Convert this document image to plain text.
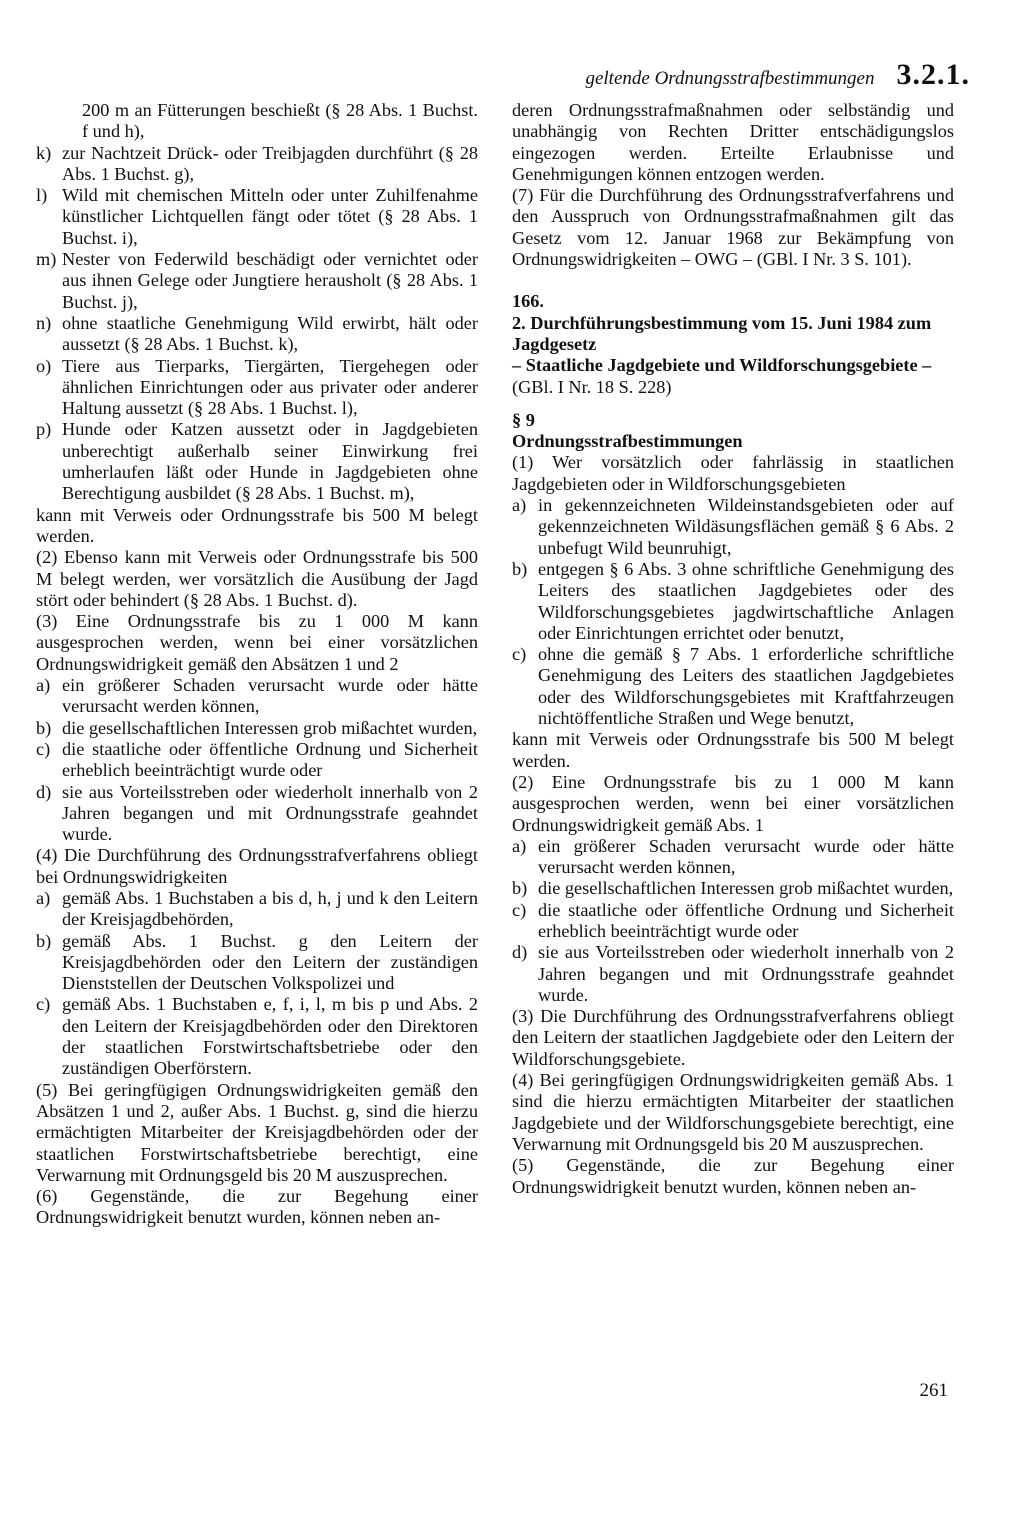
geltende Ordnungsstrafbestimmungen 3.2.1.

200 m an Fütterungen beschießt (§ 28 Abs. 1 Buchst. f und h),

k) zur Nachtzeit Drück- oder Treibjagden durchführt (§ 28 Abs. 1 Buchst. g),
l) Wild mit chemischen Mitteln oder unter Zuhilfenahme künstlicher Lichtquellen fängt oder tötet (§ 28 Abs. 1 Buchst. i),
m) Nester von Federwild beschädigt oder vernichtet oder aus ihnen Gelege oder Jungtiere herausholt (§ 28 Abs. 1 Buchst. j),
n) ohne staatliche Genehmigung Wild erwirbt, hält oder aussetzt (§ 28 Abs. 1 Buchst. k),
o) Tiere aus Tierparks, Tiergärten, Tiergehegen oder ähnlichen Einrichtungen oder aus privater oder anderer Haltung aussetzt (§ 28 Abs. 1 Buchst. l),
p) Hunde oder Katzen aussetzt oder in Jagdgebieten unberechtigt außerhalb seiner Einwirkung frei umherlaufen läßt oder Hunde in Jagdgebieten ohne Berechtigung ausbildet (§ 28 Abs. 1 Buchst. m),

kann mit Verweis oder Ordnungsstrafe bis 500 M belegt werden.

(2) Ebenso kann mit Verweis oder Ordnungsstrafe bis 500 M belegt werden, wer vorsätzlich die Ausübung der Jagd stört oder behindert (§ 28 Abs. 1 Buchst. d).

(3) Eine Ordnungsstrafe bis zu 1 000 M kann ausgesprochen werden, wenn bei einer vorsätzlichen Ordnungswidrigkeit gemäß den Absätzen 1 und 2

a) ein größerer Schaden verursacht wurde oder hätte verursacht werden können,
b) die gesellschaftlichen Interessen grob mißachtet wurden,
c) die staatliche oder öffentliche Ordnung und Sicherheit erheblich beeinträchtigt wurde oder
d) sie aus Vorteilsstreben oder wiederholt innerhalb von 2 Jahren begangen und mit Ordnungsstrafe geahndet wurde.

(4) Die Durchführung des Ordnungsstrafverfahrens obliegt bei Ordnungswidrigkeiten

a) gemäß Abs. 1 Buchstaben a bis d, h, j und k den Leitern der Kreisjagdbehörden,
b) gemäß Abs. 1 Buchst. g den Leitern der Kreisjagdbehörden oder den Leitern der zuständigen Dienststellen der Deutschen Volkspolizei und
c) gemäß Abs. 1 Buchstaben e, f, i, l, m bis p und Abs. 2 den Leitern der Kreisjagdbehörden oder den Direktoren der staatlichen Forstwirtschaftsbetriebe oder den zuständigen Oberförstern.

(5) Bei geringfügigen Ordnungswidrigkeiten gemäß den Absätzen 1 und 2, außer Abs. 1 Buchst. g, sind die hierzu ermächtigten Mitarbeiter der Kreisjagdbehörden oder der staatlichen Forstwirtschaftsbetriebe berechtigt, eine Verwarnung mit Ordnungsgeld bis 20 M auszusprechen.

(6) Gegenstände, die zur Begehung einer Ordnungswidrigkeit benutzt wurden, können neben an-

deren Ordnungsstrafmaßnahmen oder selbständig und unabhängig von Rechten Dritter entschädigungslos eingezogen werden. Erteilte Erlaubnisse und Genehmigungen können entzogen werden.

(7) Für die Durchführung des Ordnungsstrafverfahrens und den Ausspruch von Ordnungsstrafmaßnahmen gilt das Gesetz vom 12. Januar 1968 zur Bekämpfung von Ordnungswidrigkeiten – OWG – (GBl. I Nr. 3 S. 101).

166.

2. Durchführungsbestimmung vom 15. Juni 1984 zum Jagdgesetz

– Staatliche Jagdgebiete und Wildforschungsgebiete –

(GBl. I Nr. 18 S. 228)

§ 9

Ordnungsstrafbestimmungen

(1) Wer vorsätzlich oder fahrlässig in staatlichen Jagdgebieten oder in Wildforschungsgebieten

a) in gekennzeichneten Wildeinstandsgebieten oder auf gekennzeichneten Wildäsungsflächen gemäß § 6 Abs. 2 unbefugt Wild beunruhigt,
b) entgegen § 6 Abs. 3 ohne schriftliche Genehmigung des Leiters des staatlichen Jagdgebietes oder des Wildforschungsgebietes jagdwirtschaftliche Anlagen oder Einrichtungen errichtet oder benutzt,
c) ohne die gemäß § 7 Abs. 1 erforderliche schriftliche Genehmigung des Leiters des staatlichen Jagdgebietes oder des Wildforschungsgebietes mit Kraftfahrzeugen nichtöffentliche Straßen und Wege benutzt,

kann mit Verweis oder Ordnungsstrafe bis 500 M belegt werden.

(2) Eine Ordnungsstrafe bis zu 1 000 M kann ausgesprochen werden, wenn bei einer vorsätzlichen Ordnungswidrigkeit gemäß Abs. 1

a) ein größerer Schaden verursacht wurde oder hätte verursacht werden können,
b) die gesellschaftlichen Interessen grob mißachtet wurden,
c) die staatliche oder öffentliche Ordnung und Sicherheit erheblich beeinträchtigt wurde oder
d) sie aus Vorteilsstreben oder wiederholt innerhalb von 2 Jahren begangen und mit Ordnungsstrafe geahndet wurde.

(3) Die Durchführung des Ordnungsstrafverfahrens obliegt den Leitern der staatlichen Jagdgebiete oder den Leitern der Wildforschungsgebiete.

(4) Bei geringfügigen Ordnungswidrigkeiten gemäß Abs. 1 sind die hierzu ermächtigten Mitarbeiter der staatlichen Jagdgebiete und der Wildforschungsgebiete berechtigt, eine Verwarnung mit Ordnungsgeld bis 20 M auszusprechen.

(5) Gegenstände, die zur Begehung einer Ordnungswidrigkeit benutzt wurden, können neben an-

261
